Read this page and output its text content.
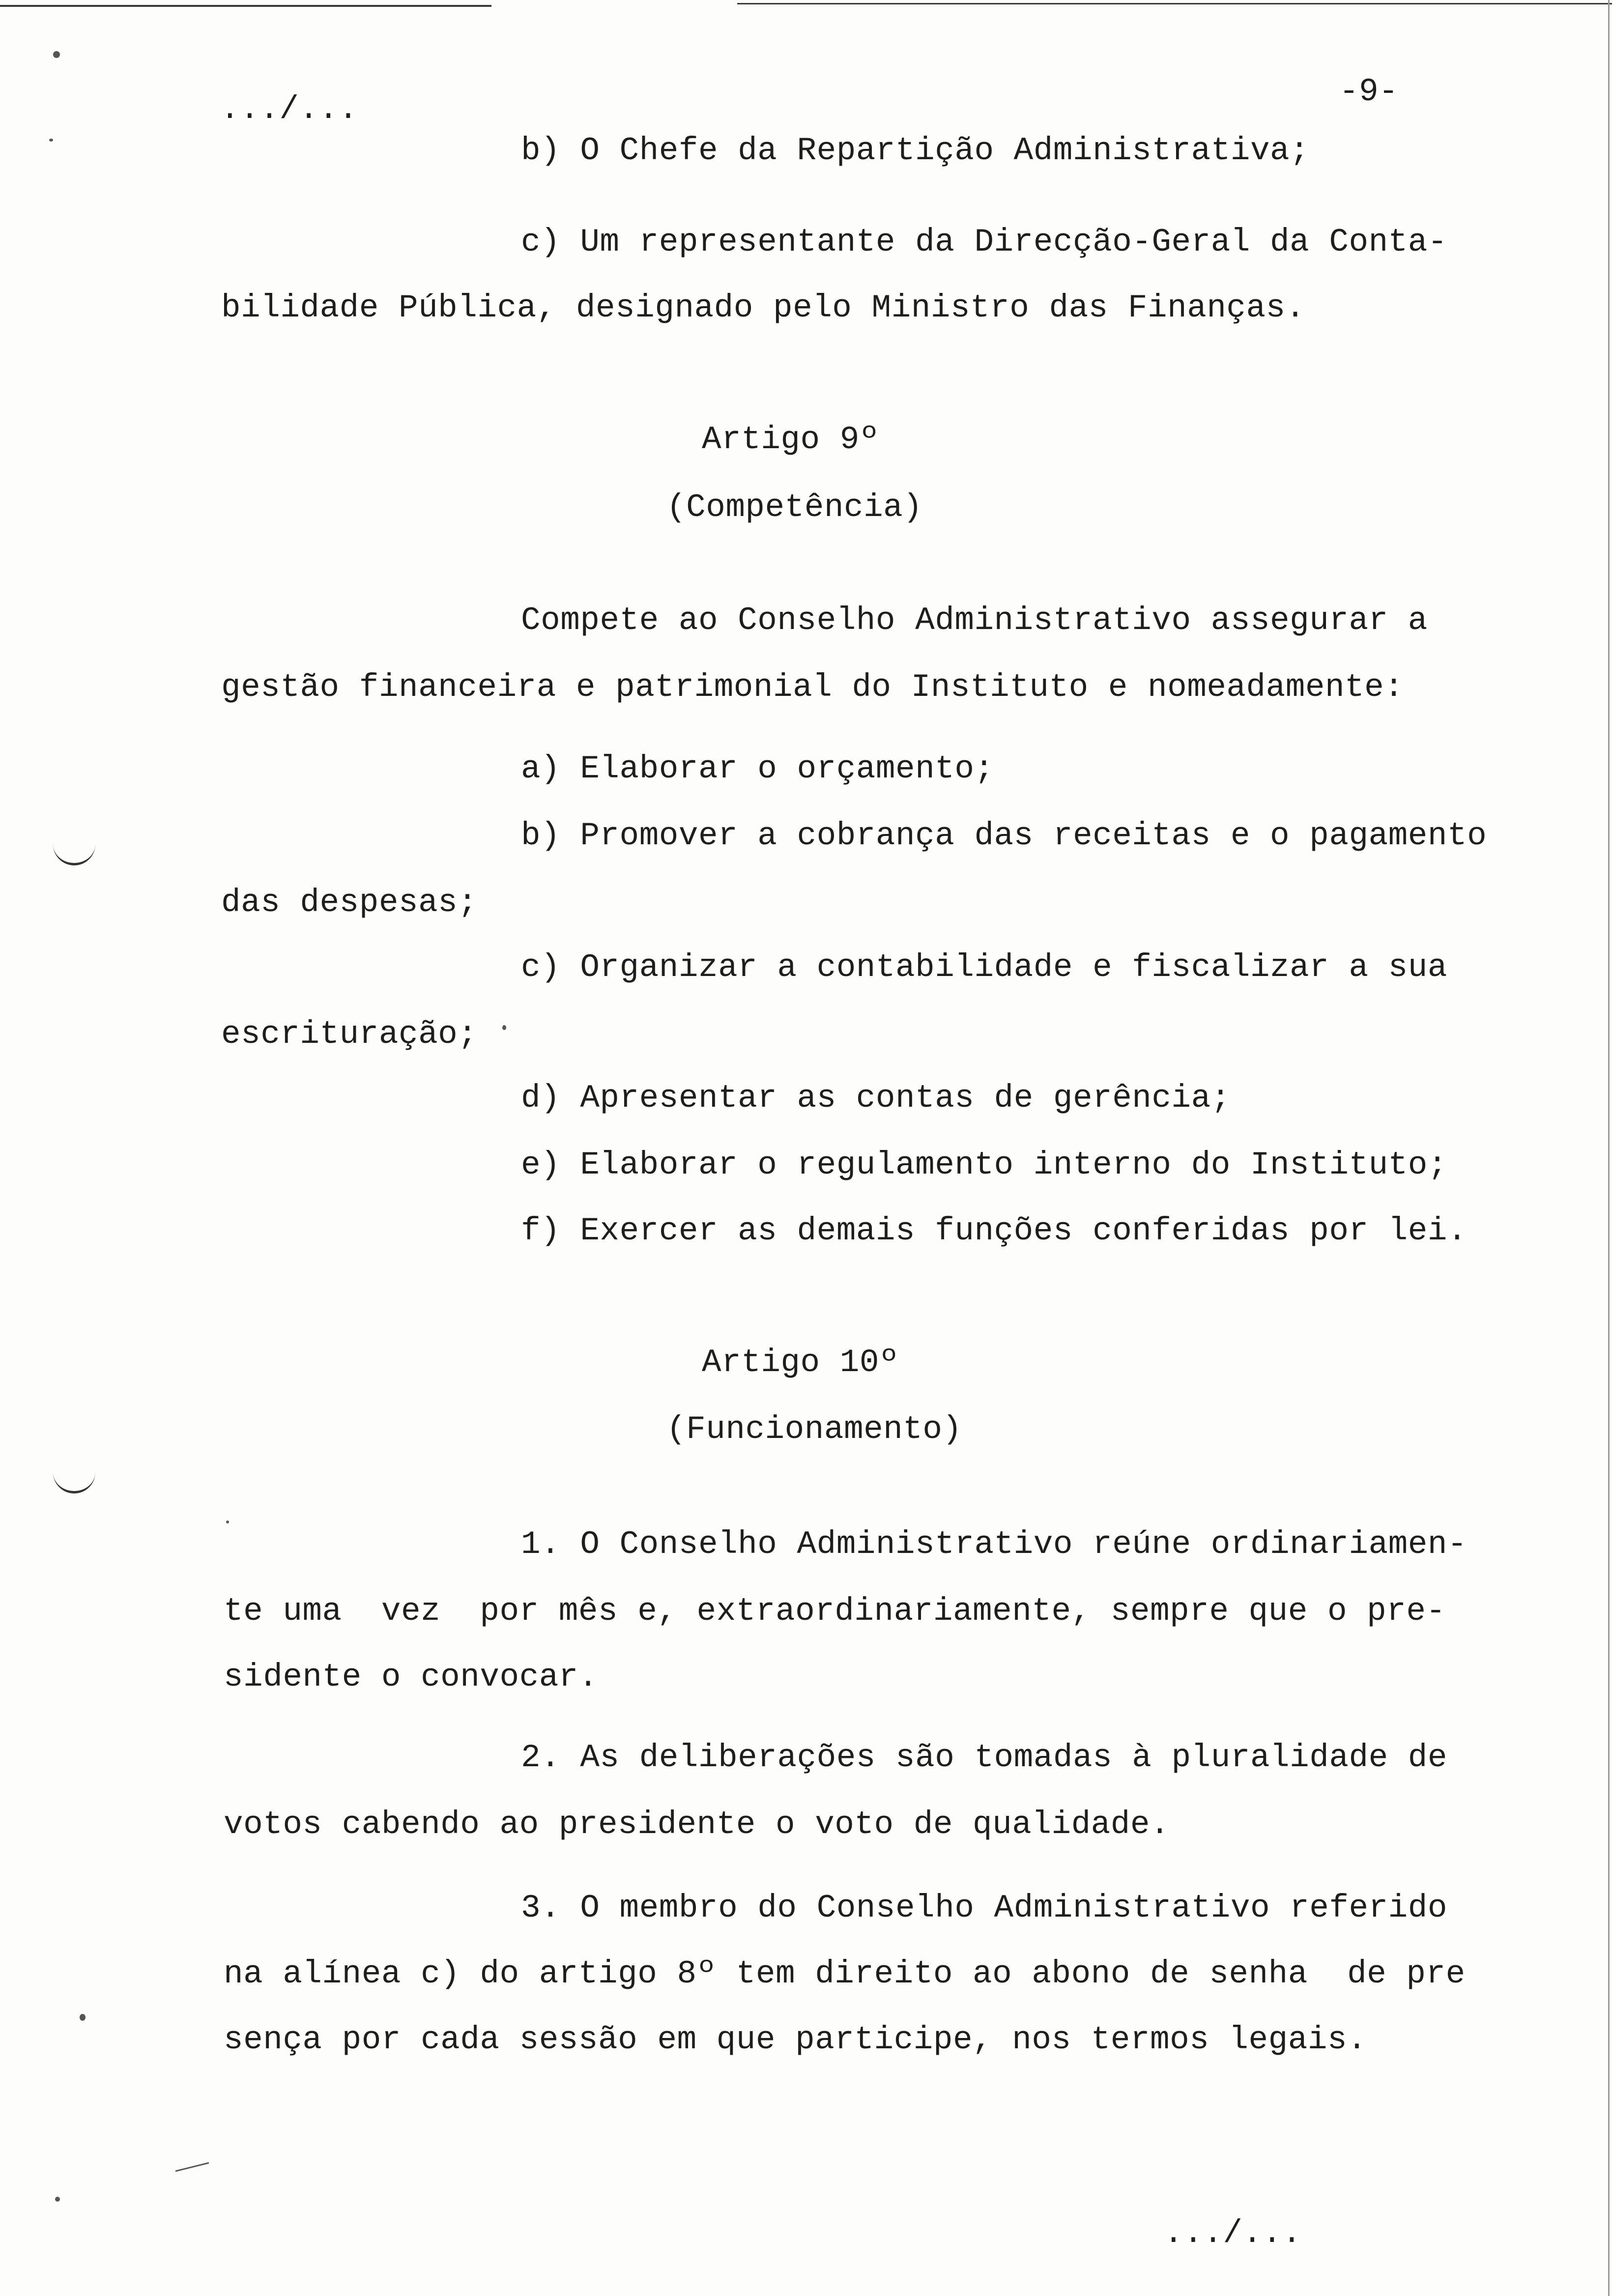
.../...	-9-
b) O Chefe da Repartição Administrativa;
c) Um representante da Direcção-Geral da Conta-
bilidade Pública, designado pelo Ministro das Finanças.
Artigo 9º
(Competência)
Compete ao Conselho Administrativo assegurar a
gestão financeira e patrimonial do Instituto e nomeadamente:
a) Elaborar o orçamento;
b) Promover a cobrança das receitas e o pagamento
das despesas;
c) Organizar a contabilidade e fiscalizar a sua
escrituração;
d) Apresentar as contas de gerência;
e) Elaborar o regulamento interno do Instituto;
f) Exercer as demais funções conferidas por lei.
Artigo 10º
(Funcionamento)
1. O Conselho Administrativo reúne ordinariamen-
te uma  vez  por mês e, extraordinariamente, sempre que o pre-
sidente o convocar.
2. As deliberações são tomadas à pluralidade de
votos cabendo ao presidente o voto de qualidade.
3. O membro do Conselho Administrativo referido
na alínea c) do artigo 8º tem direito ao abono de senha  de pre
sença por cada sessão em que participe, nos termos legais.
.../...
